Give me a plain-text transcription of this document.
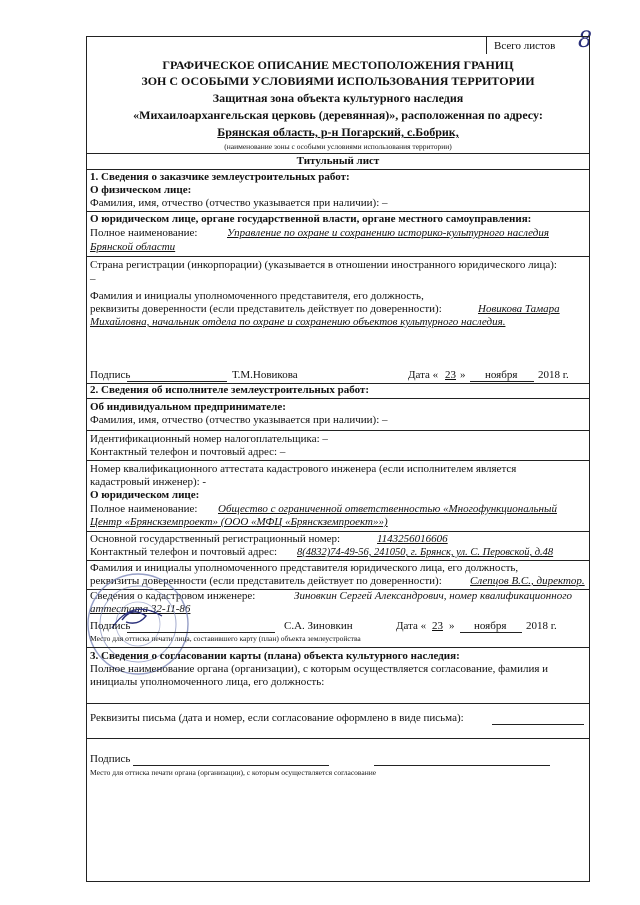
Всего листов 8
ГРАФИЧЕСКОЕ ОПИСАНИЕ МЕСТОПОЛОЖЕНИЯ ГРАНИЦ
ЗОН С ОСОБЫМИ УСЛОВИЯМИ ИСПОЛЬЗОВАНИЯ ТЕРРИТОРИИ
Защитная зона объекта культурного наследия
«Михаилоархангельская церковь (деревянная)», расположенная по адресу:
Брянская область, р-н Погарский, с.Бобрик,
(наименование зоны с особыми условиями использования территории)
Титульный лист
1. Сведения о заказчике землеустроительных работ:
О физическом лице:
Фамилия, имя, отчество (отчество указывается при наличии): –
О юридическом лице, органе государственной власти, органе местного самоуправления:
Полное наименование:	Управление по охране и сохранению историко-культурного наследия
Брянской области
Страна регистрации (инкорпорации) (указывается в отношении иностранного юридического лица):
–
Фамилия и инициалы уполномоченного представителя, его должность,
реквизиты доверенности (если представитель действует по доверенности):	Новикова Тамара
Михайловна, начальник отдела по охране и сохранению объектов культурного наследия.
Подпись	Т.М.Новикова	Дата « 23 » ноября 2018 г.
2. Сведения об исполнителе землеустроительных работ:
Об индивидуальном предпринимателе:
Фамилия, имя, отчество (отчество указывается при наличии): –
Идентификационный номер налогоплательщика: –
Контактный телефон и почтовый адрес: –
Номер квалификационного аттестата кадастрового инженера (если исполнителем является
кадастровый инженер): -
О юридическом лице:
Полное наименование: Обществo с ограниченной ответственностью «Многофункциональный
Центр «Брянскземпроект» (ООО «МФЦ «Брянскземпроект»»)
Основной государственный регистрационный номер:	1143256016606
Контактный телефон и почтовый адрес: 8(4832)74-49-56, 241050, г. Брянск, ул. С. Перовской, д.48
Фамилия и инициалы уполномоченного представителя юридического лица, его должность,
реквизиты доверенности (если представитель действует по доверенности):	Слепцов В.С., директор.
Сведения о кадастровом инженере:	Зиновкин Сергей Александрович, номер квалификационного
аттестата 32-11-86
Подпись	С.А. Зиновкин	Дата « 23 » ноября 2018 г.
Место для оттиска печати лица, составившего карту (план) объекта землеустройства
3. Сведения о согласовании карты (плана) объекта культурного наследия:
Полное наименование органа (организации), с которым осуществляется согласование, фамилия и
инициалы уполномоченного лица, его должность:
Реквизиты письма (дата и номер, если согласование оформлено в виде письма):
Подпись
Место для оттиска печати органа (организации), с которым осуществляется согласование
